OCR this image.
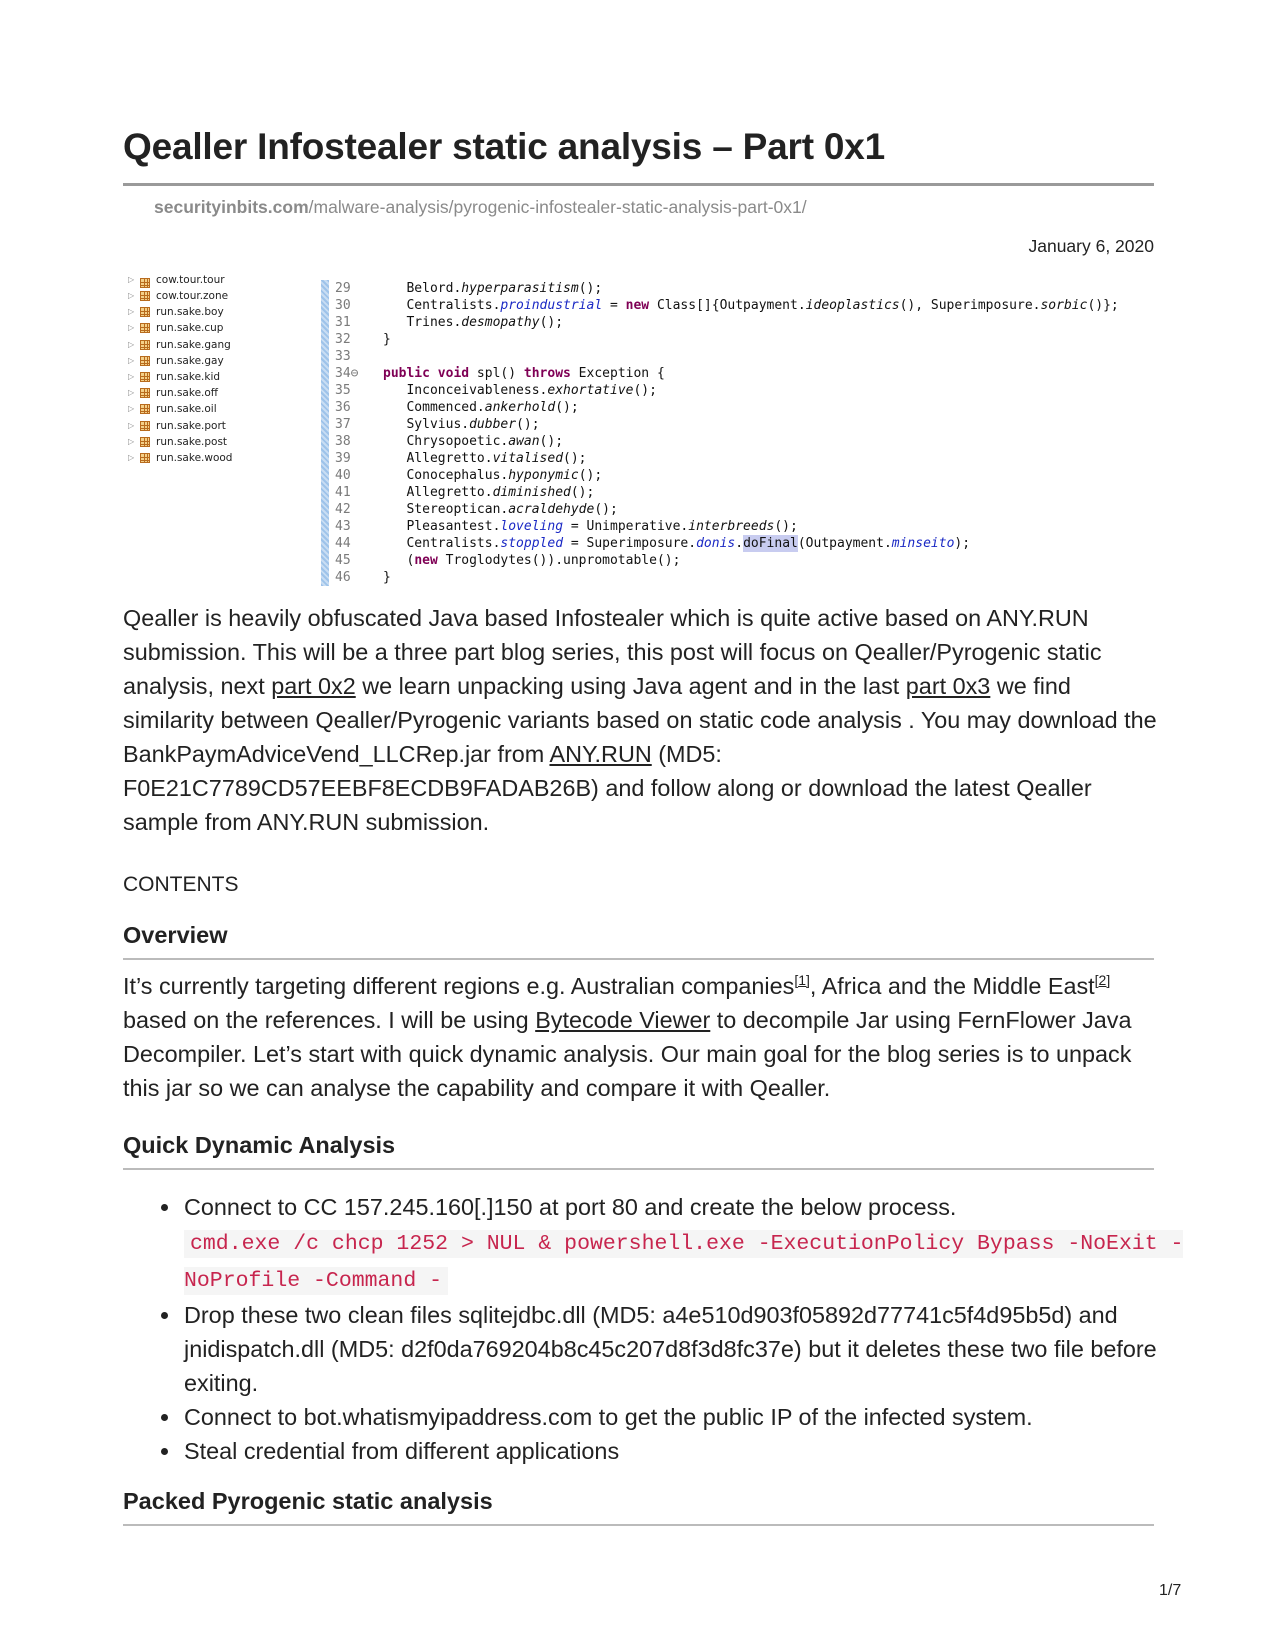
Qealler Infostealer static analysis – Part 0x1
securityinbits.com/malware-analysis/pyrogenic-infostealer-static-analysis-part-0x1/
January 6, 2020
▷	cow.tour.tour
▷	cow.tour.zone
▷	run.sake.boy
▷	run.sake.cup
▷	run.sake.gang
▷	run.sake.gay
▷	run.sake.kid
▷	run.sake.off
▷	run.sake.oil
▷	run.sake.port
▷	run.sake.post
▷	run.sake.wood
29	Belord. hyperparasitism ();
30	Centralists. proindustrial = new Class[]{Outpayment. ideoplastics (), Superimposure. sorbic ()};
31	Trines. desmopathy ();
32	}
33
34⊖	public void spl() throws Exception {
35	Inconceivableness. exhortative ();
36	Commenced. ankerhold ();
37	Sylvius. dubber ();
38	Chrysopoetic. awan ();
39	Allegretto. vitalised ();
40	Conocephalus. hyponymic ();
41	Allegretto. diminished ();
42	Stereoptican. acraldehyde ();
43	Pleasantest. loveling = Unimperative. interbreeds ();
44	Centralists. stoppled = Superimposure. donis . doFinal (Outpayment. minseito );
45	( new Troglodytes()).unpromotable();
46	}

Qealler is heavily obfuscated Java based Infostealer which is quite active based on ANY.RUN submission. This will be a three part blog series, this post will focus on Qealler/Pyrogenic static analysis, next part 0x2 we learn unpacking using Java agent and in the last part 0x3 we find similarity between Qealler/Pyrogenic variants based on static code analysis . You may download the BankPaymAdviceVend_LLCRep.jar from ANY.RUN (MD5: F0E21C7789CD57EEBF8ECDB9FADAB26B) and follow along or download the latest Qealler sample from ANY.RUN submission.

CONTENTS
Overview

It’s currently targeting different regions e.g. Australian companies[1], Africa and the Middle East[2] based on the references. I will be using Bytecode Viewer to decompile Jar using FernFlower Java Decompiler. Let’s start with quick dynamic analysis. Our main goal for the blog series is to unpack this jar so we can analyse the capability and compare it with Qealler.

Quick Dynamic Analysis
Connect to CC 157.245.160[.]150 at port 80 and create the below process.
cmd.exe /c chcp 1252 > NUL & powershell.exe -ExecutionPolicy Bypass -NoExit -NoProfile -Command -
Drop these two clean files sqlitejdbc.dll (MD5: a4e510d903f05892d77741c5f4d95b5d) and jnidispatch.dll (MD5: d2f0da769204b8c45c207d8f3d8fc37e) but it deletes these two file before exiting.
Connect to bot.whatismyipaddress.com to get the public IP of the infected system.
Steal credential from different applications
Packed Pyrogenic static analysis
1/7
